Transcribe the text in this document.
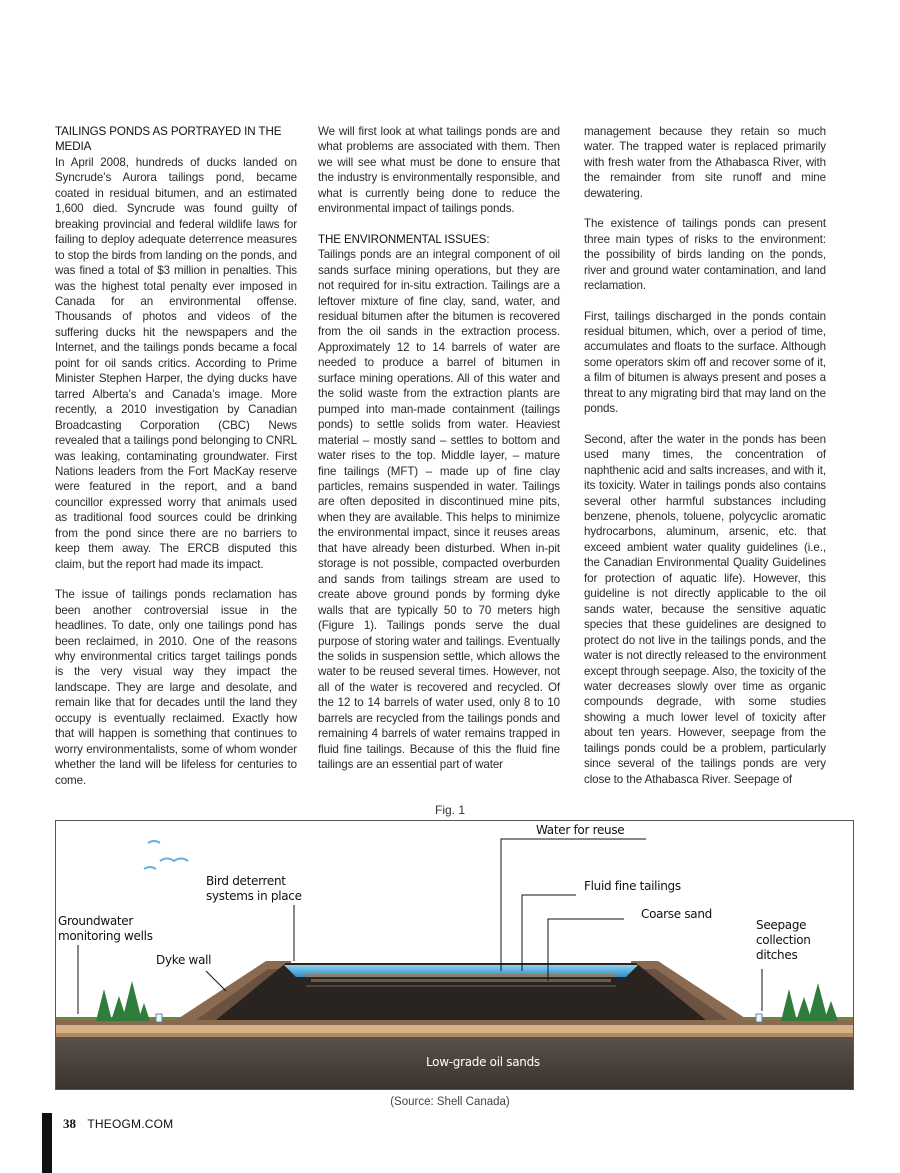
TAILINGS PONDS AS PORTRAYED IN THE MEDIA

In April 2008, hundreds of ducks landed on Syncrude’s Aurora tailings pond, became coated in residual bitumen, and an estimated 1,600 died. Syncrude was found guilty of breaking provincial and federal wildlife laws for failing to deploy adequate deterrence measures to stop the birds from landing on the ponds, and was fined a total of $3 million in penalties. This was the highest total penalty ever imposed in Canada for an environmental offense. Thousands of photos and videos of the suffering ducks hit the newspapers and the Internet, and the tailings ponds became a focal point for oil sands critics. According to Prime Minister Stephen Harper, the dying ducks have tarred Alberta’s and Canada’s image. More recently, a 2010 investigation by Canadian Broadcasting Corporation (CBC) News revealed that a tailings pond belonging to CNRL was leaking, contaminating groundwater. First Nations leaders from the Fort MacKay reserve were featured in the report, and a band councillor expressed worry that animals used as traditional food sources could be drinking from the pond since there are no barriers to keep them away. The ERCB disputed this claim, but the report had made its impact.

The issue of tailings ponds reclamation has been another controversial issue in the headlines. To date, only one tailings pond has been reclaimed, in 2010. One of the reasons why environmental critics target tailings ponds is the very visual way they impact the landscape. They are large and desolate, and remain like that for decades until the land they occupy is eventually reclaimed. Exactly how that will happen is something that continues to worry environmentalists, some of whom wonder whether the land will be lifeless for centuries to come.

We will first look at what tailings ponds are and what problems are associated with them. Then we will see what must be done to ensure that the industry is environmentally responsible, and what is currently being done to reduce the environmental impact of tailings ponds.

THE ENVIRONMENTAL ISSUES:

Tailings ponds are an integral component of oil sands surface mining operations, but they are not required for in-situ extraction. Tailings are a leftover mixture of fine clay, sand, water, and residual bitumen after the bitumen is recovered from the oil sands in the extraction process. Approximately 12 to 14 barrels of water are needed to produce a barrel of bitumen in surface mining operations. All of this water and the solid waste from the extraction plants are pumped into man-made containment (tailings ponds) to settle solids from water. Heaviest material – mostly sand – settles to bottom and water rises to the top. Middle layer, – mature fine tailings (MFT) – made up of fine clay particles, remains suspended in water. Tailings are often deposited in discontinued mine pits, when they are available. This helps to minimize the environmental impact, since it reuses areas that have already been disturbed. When in-pit storage is not possible, compacted overburden and sands from tailings stream are used to create above ground ponds by forming dyke walls that are typically 50 to 70 meters high (Figure 1). Tailings ponds serve the dual purpose of storing water and tailings. Eventually the solids in suspension settle, which allows the water to be reused several times. However, not all of the water is recovered and recycled. Of the 12 to 14 barrels of water used, only 8 to 10 barrels are recycled from the tailings ponds and remaining 4 barrels of water remains trapped in fluid fine tailings. Because of this the fluid fine tailings are an essential part of water

management because they retain so much water. The trapped water is replaced primarily with fresh water from the Athabasca River, with the remainder from site runoff and mine dewatering.

The existence of tailings ponds can present three main types of risks to the environment: the possibility of birds landing on the ponds, river and ground water contamination, and land reclamation.

First, tailings discharged in the ponds contain residual bitumen, which, over a period of time, accumulates and floats to the surface. Although some operators skim off and recover some of it, a film of bitumen is always present and poses a threat to any migrating bird that may land on the ponds.

Second, after the water in the ponds has been used many times, the concentration of naphthenic acid and salts increases, and with it, its toxicity. Water in tailings ponds also contains several other harmful substances including benzene, phenols, toluene, polycyclic aromatic hydrocarbons, aluminum, arsenic, etc. that exceed ambient water quality guidelines (i.e., the Canadian Environmental Quality Guidelines for protection of aquatic life). However, this guideline is not directly applicable to the oil sands water, because the sensitive aquatic species that these guidelines are designed to protect do not live in the tailings ponds, and the water is not directly released to the environment except through seepage. Also, the toxicity of the water decreases slowly over time as organic compounds degrade, with some studies showing a much lower level of toxicity after about ten years. However, seepage from the tailings ponds could be a problem, particularly since several of the tailings ponds are very close to the Athabasca River. Seepage of

Fig. 1
Water for reuse
Fluid fine tailings
Coarse sand
Bird deterrent systems in place
Groundwater monitoring wells
Dyke wall
Seepage collection ditches
Low-grade oil sands
(Source: Shell Canada)
38 THEOGM.COM
